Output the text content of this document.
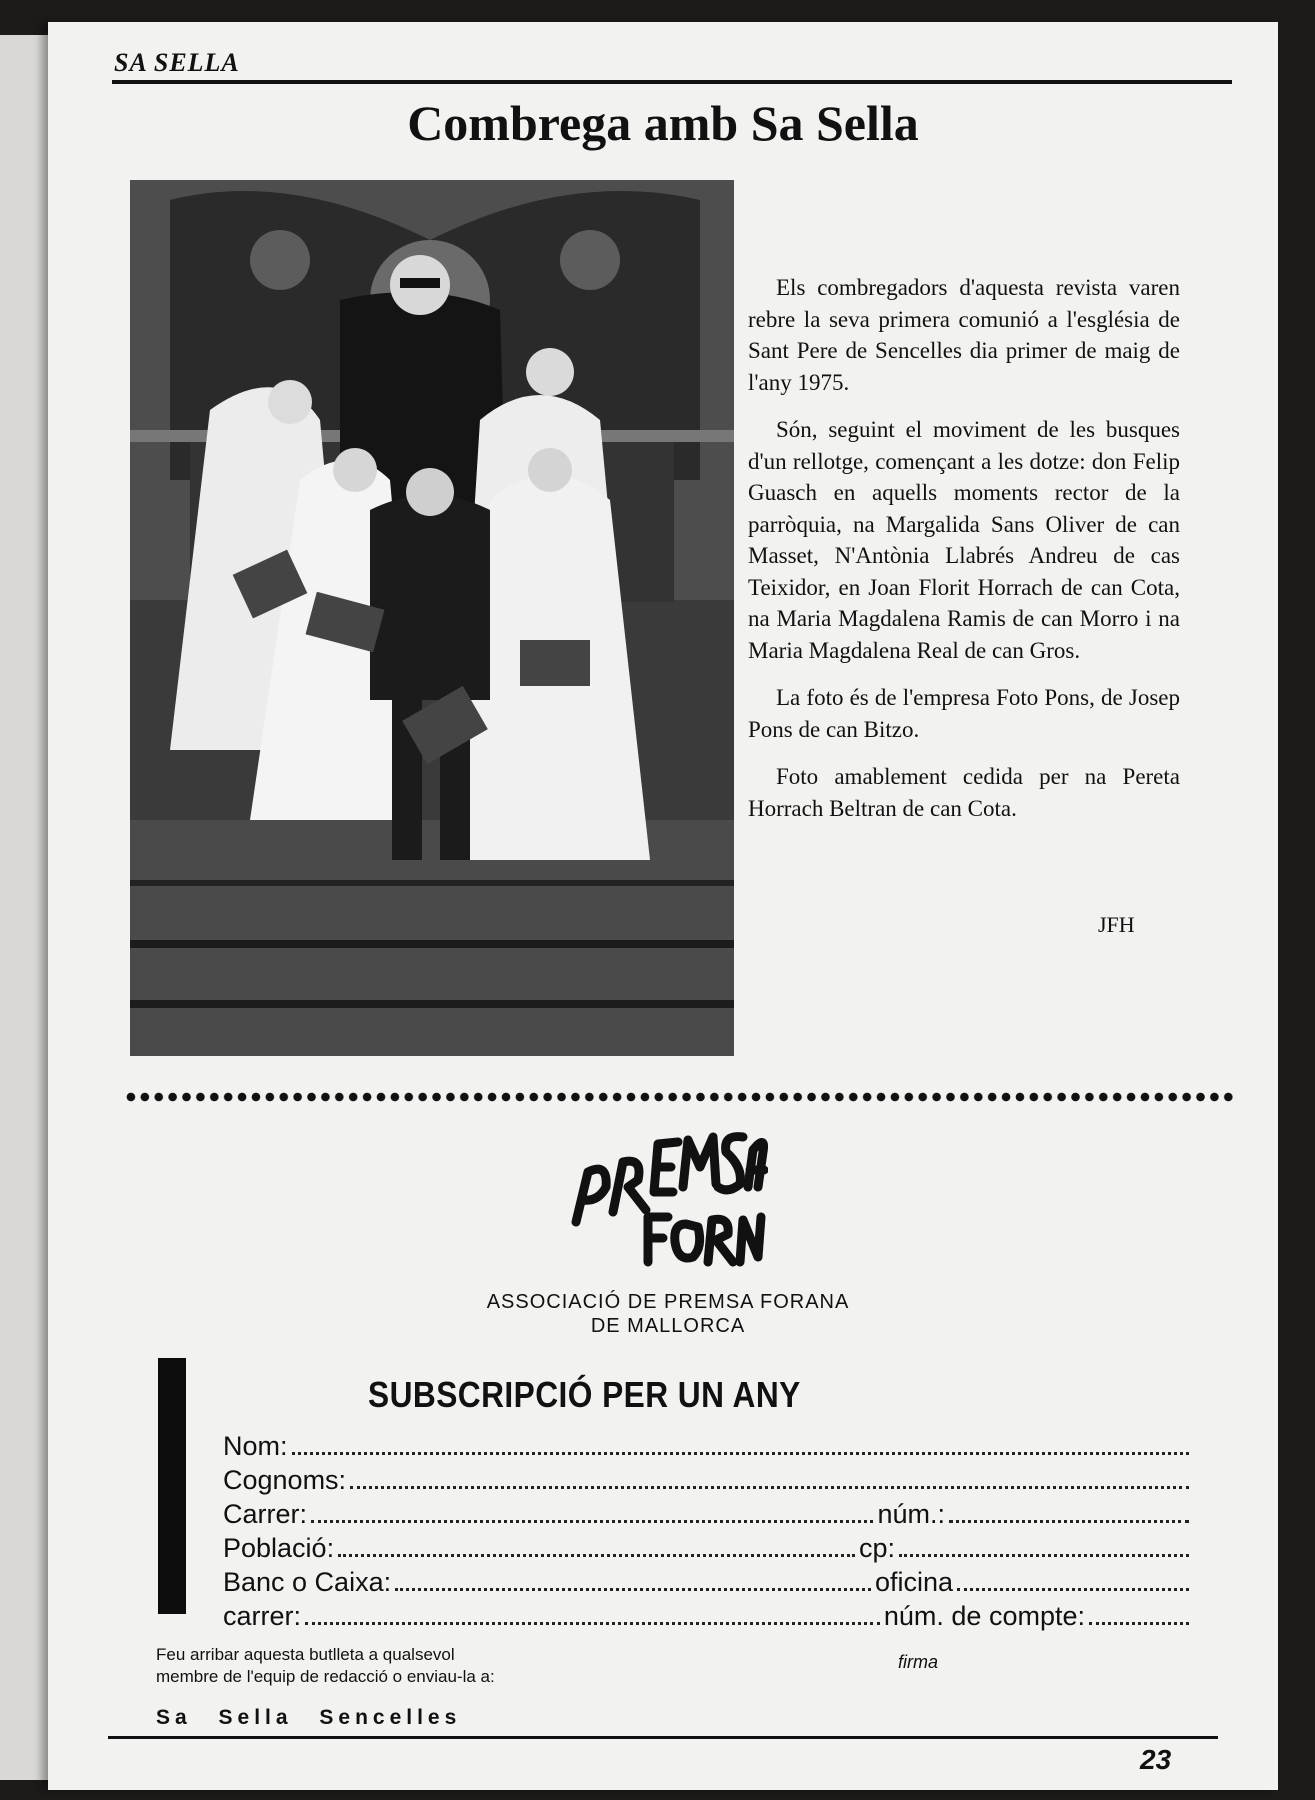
SA SELLA
Combrega amb Sa Sella

Els combregadors d'aquesta revista varen rebre la seva primera comunió a l'església de Sant Pere de Sencelles dia primer de maig de l'any 1975.

Són, seguint el moviment de les busques d'un rellotge, començant a les dotze: don Felip Guasch en aquells moments rector de la parròquia, na Margalida Sans Oliver de can Masset, N'Antònia Llabrés Andreu de cas Teixidor, en Joan Florit Horrach de can Cota, na Maria Magdalena Ramis de can Morro i na Maria Magdalena Real de can Gros.

La foto és de l'empresa Foto Pons, de Josep Pons de can Bitzo.

Foto amablement cedida per na Pereta Horrach Beltran de can Cota.

JFH
ASSOCIACIÓ DE PREMSA FORANA
DE MALLORCA
SUBSCRIPCIÓ PER UN ANY
Nom:
Cognoms:
Carrer:	núm.:
Població:	cp:
Banc o Caixa:	oficina
carrer:	núm. de compte:
Feu arribar aquesta butlleta a qualsevol
membre de l'equip de redacció o enviau-la a:
firma
Sa Sella Sencelles
23
